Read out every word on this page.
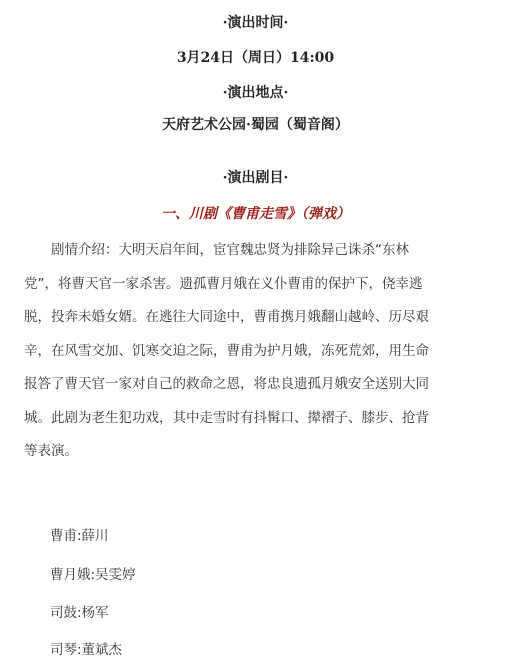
·演出时间·
3月24日（周日）14:00
·演出地点·
天府艺术公园·蜀园（蜀音阁）
·演出剧目·
一、川剧《曹甫走雪》（弹戏）
剧情介绍：大明天启年间，宦官魏忠贤为排除异己诛杀“东林
党”，将曹天官一家杀害。遗孤曹月娥在义仆曹甫的保护下，侥幸逃
脱，投奔未婚女婿。在逃往大同途中，曹甫携月娥翻山越岭、历尽艰
辛，在风雪交加、饥寒交迫之际，曹甫为护月娥，冻死荒郊，用生命
报答了曹天官一家对自己的救命之恩，将忠良遗孤月娥安全送别大同
城。此剧为老生犯功戏，其中走雪时有抖髯口、撵褶子、膝步、抢背
等表演。
曹甫:薛川
曹月娥:吴雯婷
司鼓:杨军
司琴:董斌杰
